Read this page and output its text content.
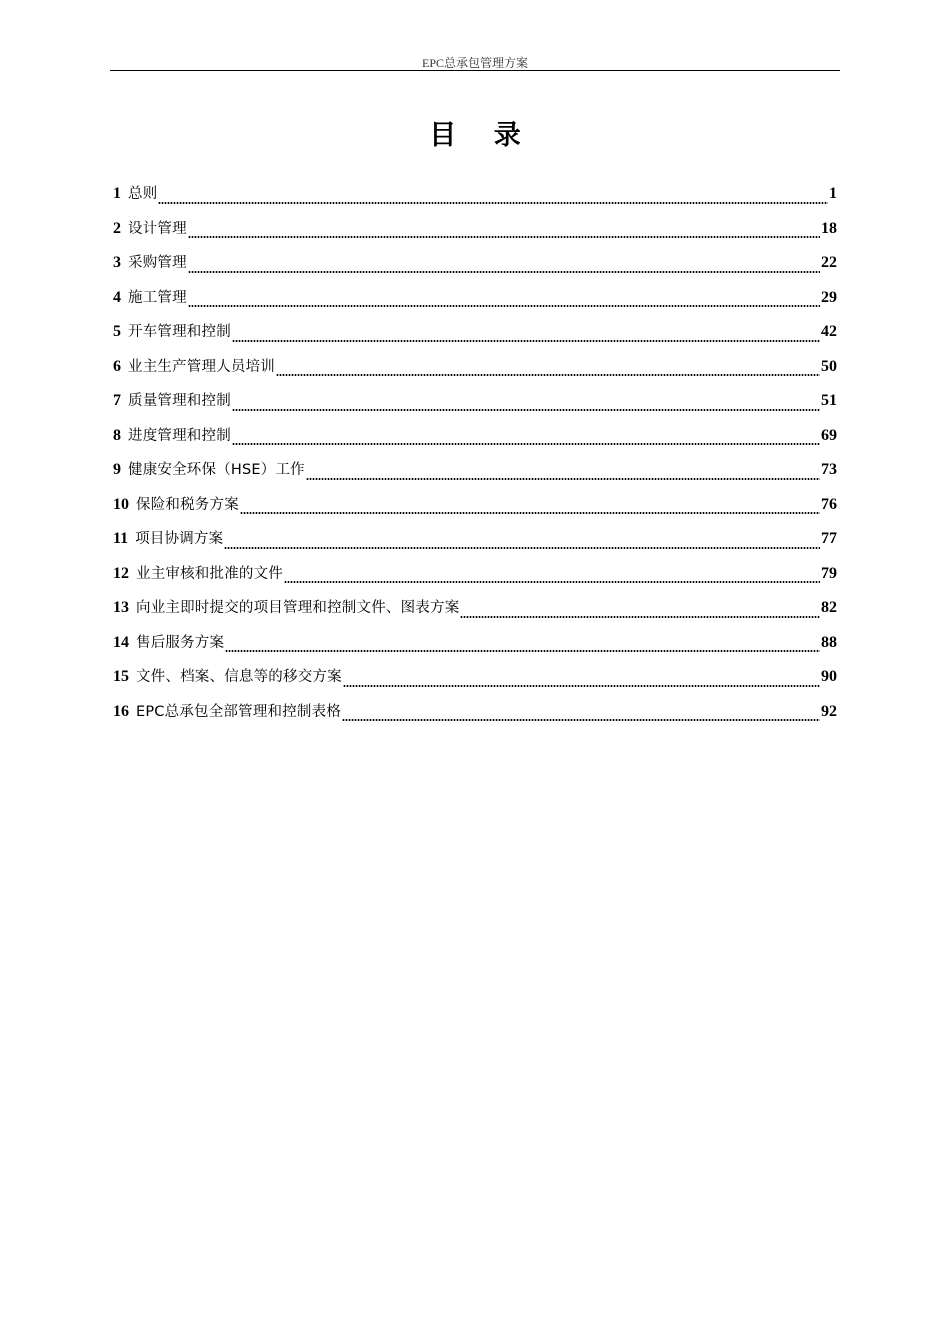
EPC总承包管理方案
目 录
1 总则	1
2 设计管理	18
3 采购管理	22
4 施工管理	29
5 开车管理和控制	42
6 业主生产管理人员培训	50
7 质量管理和控制	51
8 进度管理和控制	69
9 健康安全环保（HSE）工作	73
10 保险和税务方案	76
11 项目协调方案	77
12 业主审核和批准的文件	79
13 向业主即时提交的项目管理和控制文件、图表方案	82
14 售后服务方案	88
15 文件、档案、信息等的移交方案	90
16 EPC总承包全部管理和控制表格	92
